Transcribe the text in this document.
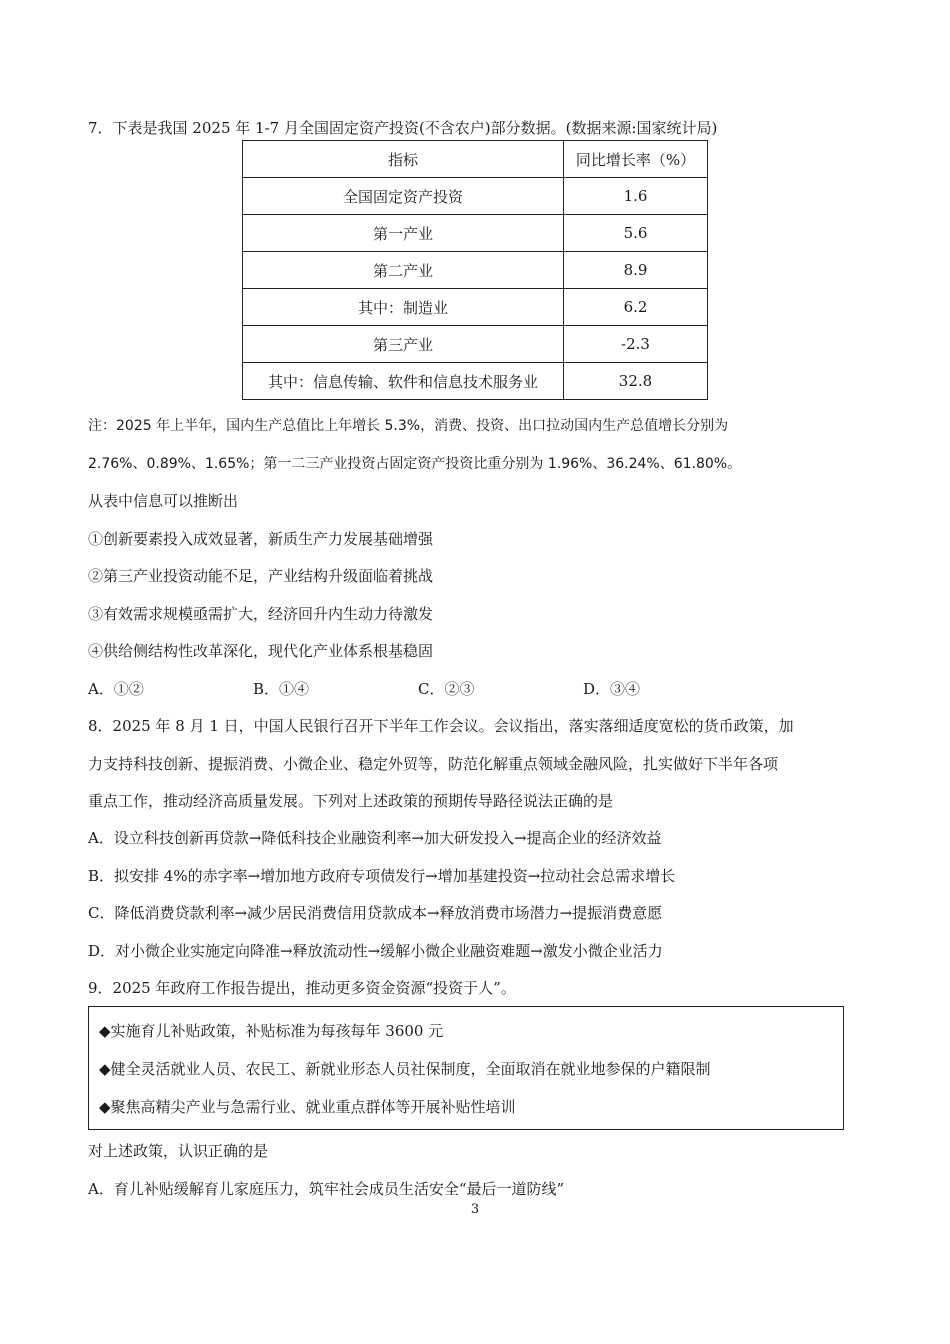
7．下表是我国 2025 年 1-7 月全国固定资产投资(不含农户)部分数据。(数据来源:国家统计局)
指标	同比增长率（%）
全国固定资产投资	1.6
第一产业	5.6
第二产业	8.9
其中：制造业	6.2
第三产业	-2.3
其中：信息传输、软件和信息技术服务业	32.8
注：2025 年上半年，国内生产总值比上年增长 5.3%，消费、投资、出口拉动国内生产总值增长分别为
2.76%、0.89%、1.65%；第一二三产业投资占固定资产投资比重分别为 1.96%、36.24%、61.80%。
从表中信息可以推断出
①创新要素投入成效显著，新质生产力发展基础增强
②第三产业投资动能不足，产业结构升级面临着挑战
③有效需求规模亟需扩大，经济回升内生动力待激发
④供给侧结构性改革深化，现代化产业体系根基稳固
A．①②	B．①④	C．②③	D．③④
8．2025 年 8 月 1 日，中国人民银行召开下半年工作会议。会议指出，落实落细适度宽松的货币政策，加
力支持科技创新、提振消费、小微企业、稳定外贸等，防范化解重点领域金融风险，扎实做好下半年各项
重点工作，推动经济高质量发展。下列对上述政策的预期传导路径说法正确的是
A．设立科技创新再贷款→降低科技企业融资利率→加大研发投入→提高企业的经济效益
B．拟安排 4%的赤字率→增加地方政府专项债发行→增加基建投资→拉动社会总需求增长
C．降低消费贷款利率→减少居民消费信用贷款成本→释放消费市场潜力→提振消费意愿
D．对小微企业实施定向降准→释放流动性→缓解小微企业融资难题→激发小微企业活力
9．2025 年政府工作报告提出，推动更多资金资源“投资于人”。
◆实施育儿补贴政策，补贴标准为每孩每年 3600 元
◆健全灵活就业人员、农民工、新就业形态人员社保制度，全面取消在就业地参保的户籍限制
◆聚焦高精尖产业与急需行业、就业重点群体等开展补贴性培训
对上述政策，认识正确的是
A．育儿补贴缓解育儿家庭压力，筑牢社会成员生活安全“最后一道防线”
3
